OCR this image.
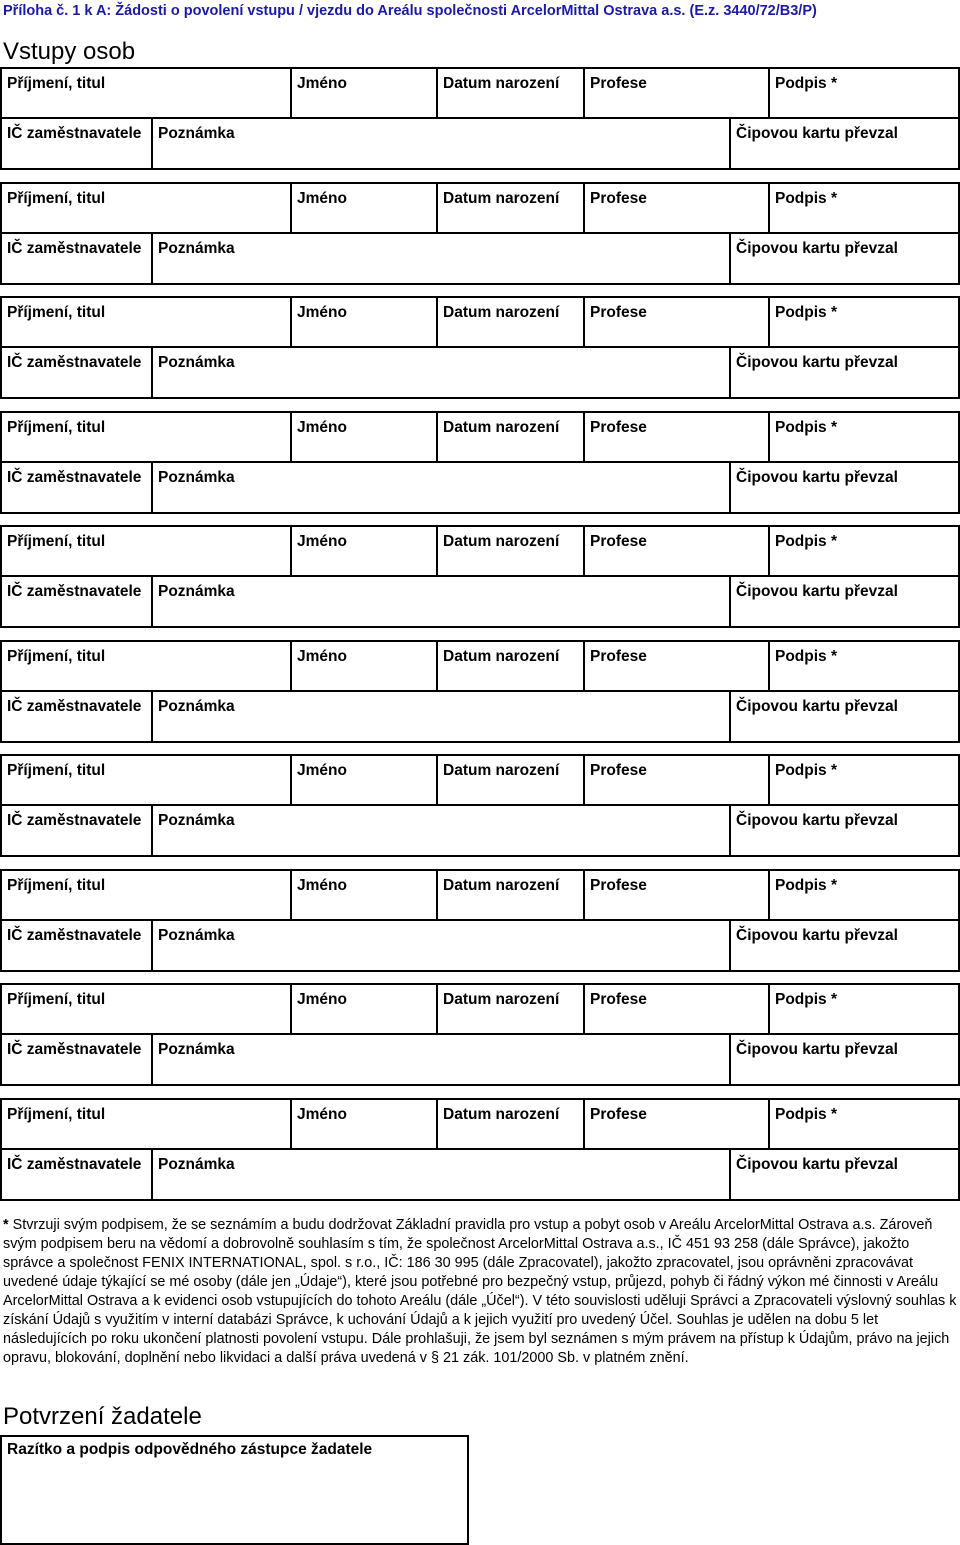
Příloha č. 1 k A: Žádosti o povolení vstupu / vjezdu do Areálu společnosti ArcelorMittal Ostrava a.s. (E.z. 3440/72/B3/P)
Vstupy osob
Příjmení, titul	Jméno	Datum narození	Profese	Podpis *
IČ zaměstnavatele	Poznámka	Čipovou kartu převzal
Příjmení, titul	Jméno	Datum narození	Profese	Podpis *
IČ zaměstnavatele	Poznámka	Čipovou kartu převzal
Příjmení, titul	Jméno	Datum narození	Profese	Podpis *
IČ zaměstnavatele	Poznámka	Čipovou kartu převzal
Příjmení, titul	Jméno	Datum narození	Profese	Podpis *
IČ zaměstnavatele	Poznámka	Čipovou kartu převzal
Příjmení, titul	Jméno	Datum narození	Profese	Podpis *
IČ zaměstnavatele	Poznámka	Čipovou kartu převzal
Příjmení, titul	Jméno	Datum narození	Profese	Podpis *
IČ zaměstnavatele	Poznámka	Čipovou kartu převzal
Příjmení, titul	Jméno	Datum narození	Profese	Podpis *
IČ zaměstnavatele	Poznámka	Čipovou kartu převzal
Příjmení, titul	Jméno	Datum narození	Profese	Podpis *
IČ zaměstnavatele	Poznámka	Čipovou kartu převzal
Příjmení, titul	Jméno	Datum narození	Profese	Podpis *
IČ zaměstnavatele	Poznámka	Čipovou kartu převzal
Příjmení, titul	Jméno	Datum narození	Profese	Podpis *
IČ zaměstnavatele	Poznámka	Čipovou kartu převzal
* Stvrzuji svým podpisem, že se seznámím a budu dodržovat Základní pravidla pro vstup a pobyt osob v Areálu ArcelorMittal Ostrava a.s. Zároveň svým podpisem beru na vědomí a dobrovolně souhlasím s tím, že společnost ArcelorMittal Ostrava a.s., IČ 451 93 258 (dále Správce), jakožto správce a společnost FENIX INTERNATIONAL, spol. s r.o., IČ: 186 30 995 (dále Zpracovatel), jakožto zpracovatel, jsou oprávněni zpracovávat uvedené údaje týkající se mé osoby (dále jen „Údaje“), které jsou potřebné pro bezpečný vstup, průjezd, pohyb či řádný výkon mé činnosti v Areálu ArcelorMittal Ostrava a k evidenci osob vstupujících do tohoto Areálu (dále „Účel“). V této souvislosti uděluji Správci a Zpracovateli výslovný souhlas k získání Údajů s využitím v interní databázi Správce, k uchování Údajů a k jejich využití pro uvedený Účel. Souhlas je udělen na dobu 5 let následujících po roku ukončení platnosti povolení vstupu. Dále prohlašuji, že jsem byl seznámen s mým právem na přístup k Údajům, právo na jejich opravu, blokování, doplnění nebo likvidaci a další práva uvedená v § 21 zák. 101/2000 Sb. v platném znění.
Potvrzení žadatele
Razítko a podpis odpovědného zástupce žadatele
